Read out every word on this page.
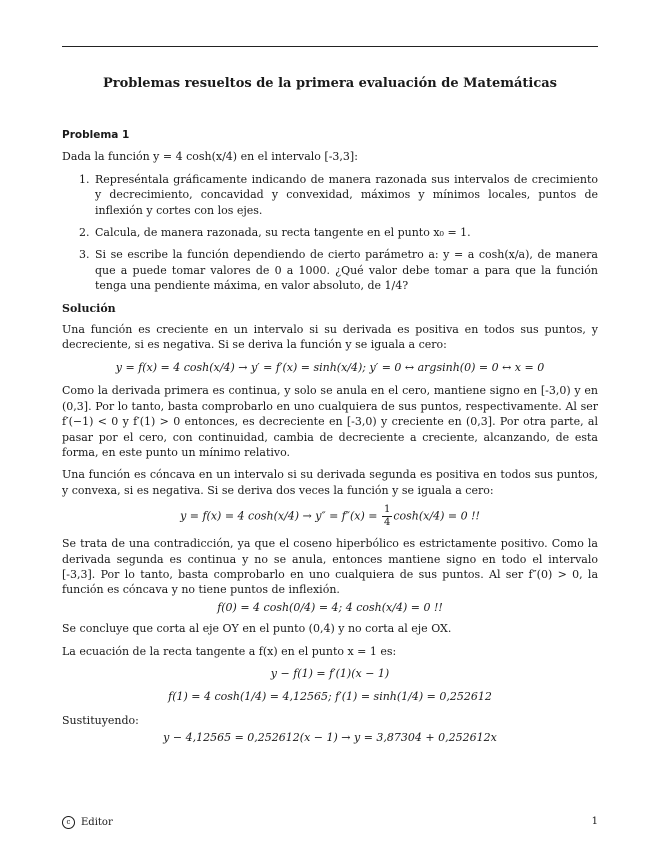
Problemas resueltos de la primera evaluación de Matemáticas
Problema 1

Dada la función y = 4 cosh(x/4) en el intervalo [-3,3]:

1. Represéntala gráficamente indicando de manera razonada sus intervalos de crecimiento y decrecimiento, concavidad y convexidad, máximos y mínimos locales, puntos de inflexión y cortes con los ejes.
2. Calcula, de manera razonada, su recta tangente en el punto x₀ = 1.
3. Si se escribe la función dependiendo de cierto parámetro a: y = a cosh(x/a), de manera que a puede tomar valores de 0 a 1000. ¿Qué valor debe tomar a para que la función tenga una pendiente máxima, en valor absoluto, de 1/4?
Solución

Una función es creciente en un intervalo si su derivada es positiva en todos sus puntos, y decreciente, si es negativa. Si se deriva la función y se iguala a cero:

y = f(x) = 4 cosh(x/4) → y′ = f′(x) = sinh(x/4); y′ = 0 ↔ argsinh(0) = 0 ↔ x = 0

Como la derivada primera es continua, y solo se anula en el cero, mantiene signo en [-3,0) y en (0,3]. Por lo tanto, basta comprobarlo en uno cualquiera de sus puntos, respectivamente. Al ser f′(−1) < 0 y f′(1) > 0 entonces, es decreciente en [-3,0) y creciente en (0,3]. Por otra parte, al pasar por el cero, con continuidad, cambia de decreciente a creciente, alcanzando, de esta forma, en este punto un mínimo relativo.

Una función es cóncava en un intervalo si su derivada segunda es positiva en todos sus puntos, y convexa, si es negativa. Si se deriva dos veces la función y se iguala a cero:

y = f(x) = 4 $\cosh(x/4) \to y'' = f''(x) = \frac{1}{4} \cosh(x/4) = 0$ !!

Se trata de una contradicción, ya que el coseno hiperbólico es estrictamente positivo. Como la derivada segunda es continua y no se anula, entonces mantiene signo en todo el intervalo [-3,3]. Por lo tanto, basta comprobarlo en uno cualquiera de sus puntos. Al ser f″(0) > 0, la función es cóncava y no tiene puntos de inflexión.

f(0) = 4 cosh(0/4) = 4; 4 cosh(x/4) = 0 !!

Se concluye que corta al eje OY en el punto (0,4) y no corta al eje OX.

La ecuación de la recta tangente a f(x) en el punto x = 1 es:

y − f(1) = f′(1)(x − 1)
f(1) = 4 cosh(1/4) = 4,12565; f′(1) = sinh(1/4) = 0,252612

Sustituyendo:

y − 4,12565 = 0,252612(x − 1) → y = 3,87304 + 0,252612x
c	Editor	1
